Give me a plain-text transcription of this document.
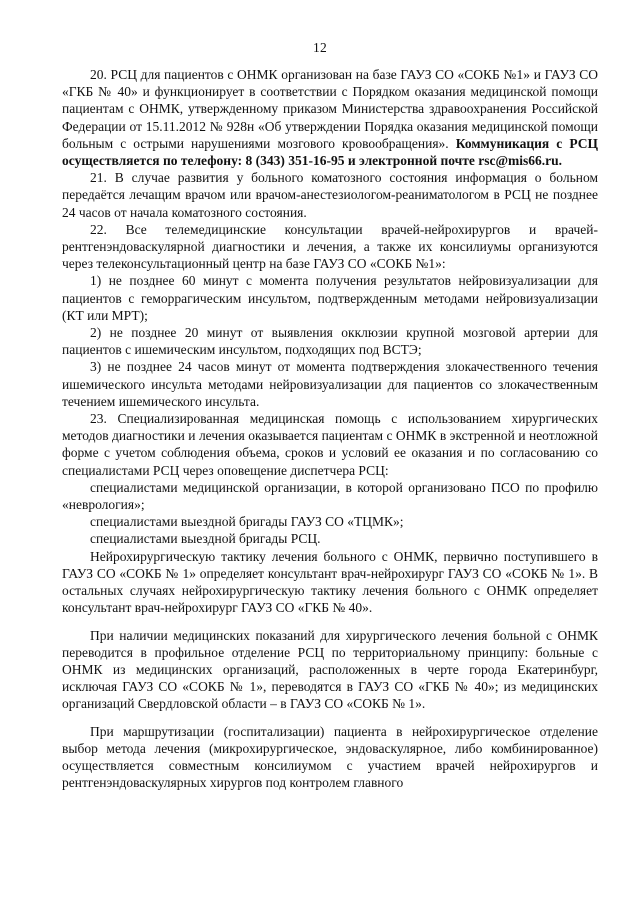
12

20. РСЦ для пациентов с ОНМК организован на базе ГАУЗ СО «СОКБ №1» и ГАУЗ СО «ГКБ № 40» и функционирует в соответствии с Порядком оказания медицинской помощи пациентам с ОНМК, утвержденному приказом Министерства здравоохранения Российской Федерации от 15.11.2012 № 928н «Об утверждении Порядка оказания медицинской помощи больным с острыми нарушениями мозгового кровообращения». Коммуникация с РСЦ осуществляется по телефону: 8 (343) 351-16-95 и электронной почте rsc@mis66.ru.

21. В случае развития у больного коматозного состояния информация о больном передаётся лечащим врачом или врачом-анестезиологом-реаниматологом в РСЦ не позднее 24 часов от начала коматозного состояния.

22. Все телемедицинские консультации врачей-нейрохирургов и врачей-рентгенэндоваскулярной диагностики и лечения, а также их консилиумы организуются через телеконсультационный центр на базе ГАУЗ СО «СОКБ №1»:

1) не позднее 60 минут с момента получения результатов нейровизуализации для пациентов с геморрагическим инсультом, подтвержденным методами нейровизуализации (КТ или МРТ);

2) не позднее 20 минут от выявления окклюзии крупной мозговой артерии для пациентов с ишемическим инсультом, подходящих под ВСТЭ;

3) не позднее 24 часов минут от момента подтверждения злокачественного течения ишемического инсульта методами нейровизуализации для пациентов со злокачественным течением ишемического инсульта.

23. Специализированная медицинская помощь с использованием хирургических методов диагностики и лечения оказывается пациентам с ОНМК в экстренной и неотложной форме с учетом соблюдения объема, сроков и условий ее оказания и по согласованию со специалистами РСЦ через оповещение диспетчера РСЦ:

специалистами медицинской организации, в которой организовано ПСО по профилю «неврология»;

специалистами выездной бригады ГАУЗ СО «ТЦМК»;

специалистами выездной бригады РСЦ.

Нейрохирургическую тактику лечения больного с ОНМК, первично поступившего в ГАУЗ СО «СОКБ № 1» определяет консультант врач-нейрохирург ГАУЗ СО «СОКБ № 1». В остальных случаях нейрохирургическую тактику лечения больного с ОНМК определяет консультант врач-нейрохирург ГАУЗ СО «ГКБ № 40».

При наличии медицинских показаний для хирургического лечения больной с ОНМК переводится в профильное отделение РСЦ по территориальному принципу: больные с ОНМК из медицинских организаций, расположенных в черте города Екатеринбург, исключая ГАУЗ СО «СОКБ № 1», переводятся в ГАУЗ СО «ГКБ № 40»; из медицинских организаций Свердловской области – в ГАУЗ СО «СОКБ № 1».

При маршрутизации (госпитализации) пациента в нейрохирургическое отделение выбор метода лечения (микрохирургическое, эндоваскулярное, либо комбинированное) осуществляется совместным консилиумом с участием врачей нейрохирургов и рентгенэндоваскулярных хирургов под контролем главного
